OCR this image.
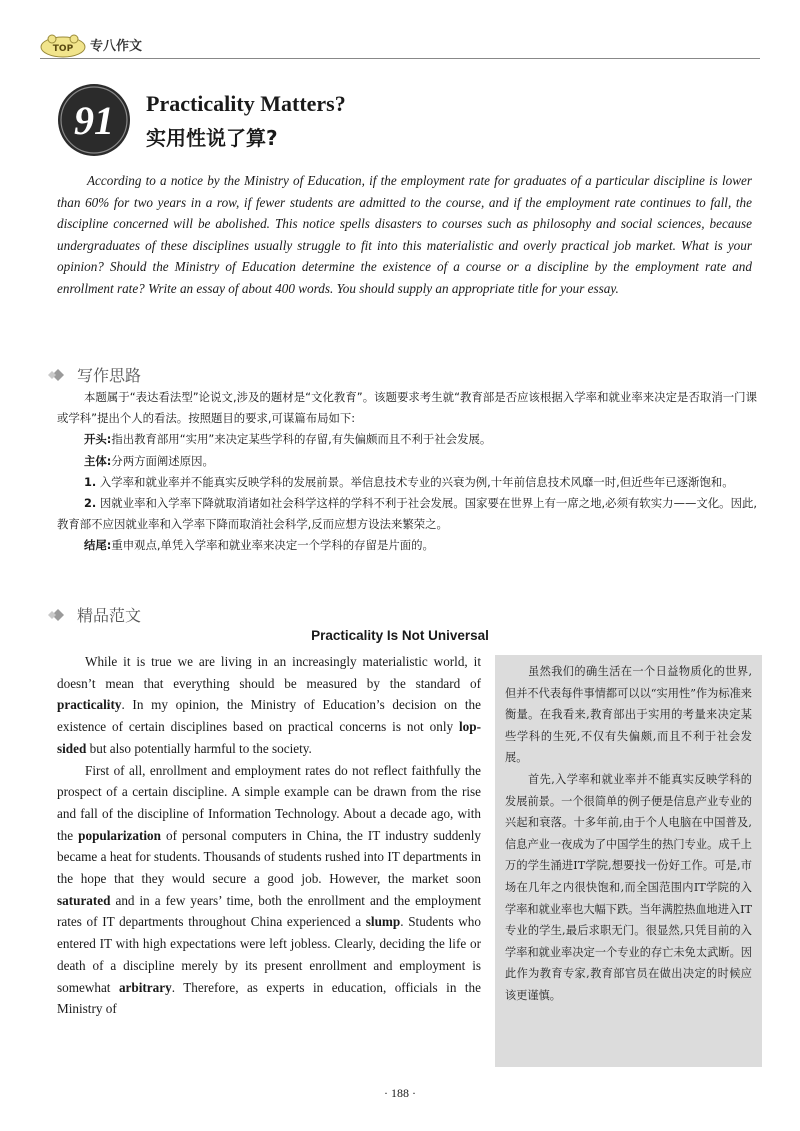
TOP 专八作文
91 Practicality Matters?
实用性说了算?

According to a notice by the Ministry of Education, if the employment rate for graduates of a particular discipline is lower than 60% for two years in a row, if fewer students are admitted to the course, and if the employment rate continues to fall, the discipline concerned will be abolished. This notice spells disasters to courses such as philosophy and social sciences, because undergraduates of these disciplines usually struggle to fit into this materialistic and overly practical job market. What is your opinion? Should the Ministry of Education determine the existence of a course or a discipline by the employment rate and enrollment rate? Write an essay of about 400 words. You should supply an appropriate title for your essay.

写作思路

本题属于“表达看法型”论说文,涉及的题材是“文化教育”。该题要求考生就“教育部是否应该根据入学率和就业率来决定是否取消一门课或学科”提出个人的看法。按照题目的要求,可谋篇布局如下:

开头:指出教育部用“实用”来决定某些学科的存留,有失偏颇而且不利于社会发展。

主体:分两方面阐述原因。

1. 入学率和就业率并不能真实反映学科的发展前景。举信息技术专业的兴衰为例,十年前信息技术风靡一时,但近些年已逐渐饱和。

2. 因就业率和入学率下降就取消诸如社会科学这样的学科不利于社会发展。国家要在世界上有一席之地,必须有软实力——文化。因此,教育部不应因就业率和入学率下降而取消社会科学,反而应想方设法来繁荣之。

结尾:重申观点,单凭入学率和就业率来决定一个学科的存留是片面的。

精品范文
Practicality Is Not Universal

While it is true we are living in an increasingly materialistic world, it doesn’t mean that everything should be measured by the standard of practicality. In my opinion, the Ministry of Education’s decision on the existence of certain disciplines based on practical concerns is not only lop-sided but also potentially harmful to the society.

First of all, enrollment and employment rates do not reflect faithfully the prospect of a certain discipline. A simple example can be drawn from the rise and fall of the discipline of Information Technology. About a decade ago, with the popularization of personal computers in China, the IT industry suddenly became a heat for students. Thousands of students rushed into IT departments in the hope that they would secure a good job. However, the market soon saturated and in a few years’ time, both the enrollment and the employment rates of IT departments throughout China experienced a slump. Students who entered IT with high expectations were left jobless. Clearly, deciding the life or death of a discipline merely by its present enrollment and employment is somewhat arbitrary. Therefore, as experts in education, officials in the Ministry of

虽然我们的确生活在一个日益物质化的世界,但并不代表每件事情都可以以“实用性”作为标准来衡量。在我看来,教育部出于实用的考量来决定某些学科的生死,不仅有失偏颇,而且不利于社会发展。

首先,入学率和就业率并不能真实反映学科的发展前景。一个很简单的例子便是信息产业专业的兴起和衰落。十多年前,由于个人电脑在中国普及,信息产业一夜成为了中国学生的热门专业。成千上万的学生涌进IT学院,想要找一份好工作。可是,市场在几年之内很快饱和,而全国范围内IT学院的入学率和就业率也大幅下跌。当年满腔热血地进入IT专业的学生,最后求职无门。很显然,只凭目前的入学率和就业率决定一个专业的存亡未免太武断。因此作为教育专家,教育部官员在做出决定的时候应该更谨慎。

· 188 ·
